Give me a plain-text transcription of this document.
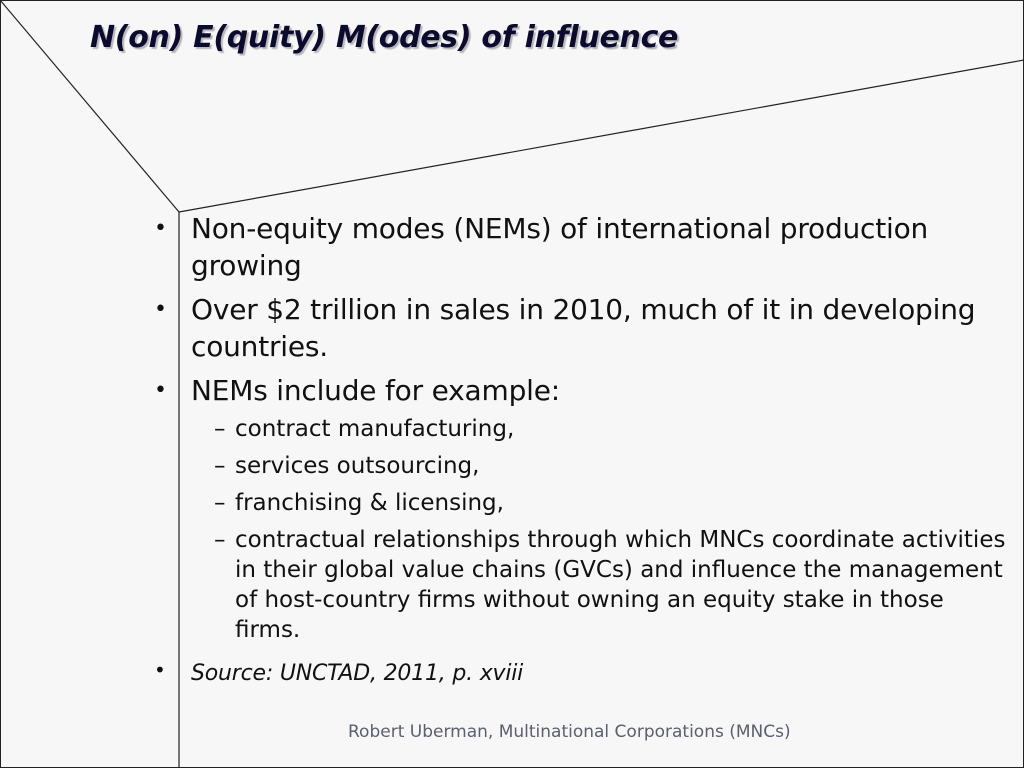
N(on) E(quity) M(odes) of influence
• Non-equity modes (NEMs) of international production growing
• Over $2 trillion in sales in 2010, much of it in developing countries.
• NEMs include for example:
– contract manufacturing,
– services outsourcing,
– franchising & licensing,
– contractual relationships through which MNCs coordinate activities in their global value chains (GVCs) and influence the management of host-country firms without owning an equity stake in those firms.
• Source: UNCTAD, 2011, p. xviii
Robert Uberman, Multinational Corporations (MNCs)
